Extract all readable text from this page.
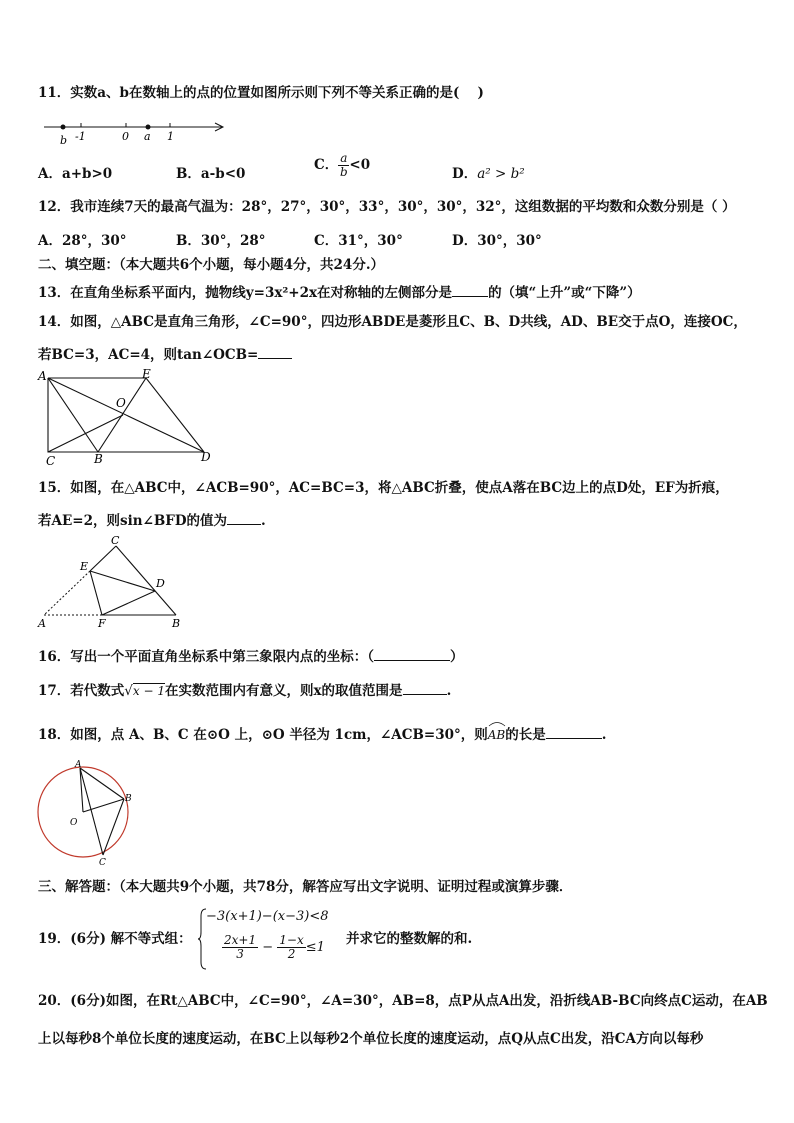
11．实数a、b在数轴上的点的位置如图所示则下列不等关系正确的是(　 )
b -1	0 a 1
A．a+b>0	B．a-b<0
C． $\frac{a}{b} <0$
D．a² > b²
12．我市连续7天的最高气温为：28°，27°，30°，33°，30°，30°，32°，这组数据的平均数和众数分别是（ ）
A．28°，30°	B．30°，28°	C．31°，30°	D．30°，30°
二、填空题：（本大题共6个小题，每小题4分，共24分.）
13．在直角坐标系平面内，抛物线y=3x²+2x在对称轴的左侧部分是	的（填“上升”或“下降”）
14．如图，△ABC是直角三角形，∠C=90°，四边形ABDE是菱形且C、B、D共线，AD、BE交于点O，连接OC，
若BC=3，AC=4，则tan∠OCB=
A	E
O
C	B	D
15．如图，在△ABC中，∠ACB=90°，AC=BC=3，将△ABC折叠，使点A落在BC边上的点D处，EF为折痕，
若AE=2，则sin∠BFD的值为	.
C
E
D
A	F	B
16．写出一个平面直角坐标系中第三象限内点的坐标：（	）
17．若代数式√x − 1在实数范围内有意义，则x的取值范围是	.
18．如图，点 A、B、C 在⊙O 上，⊙O 半径为 1cm，∠ACB=30°，则
AB的长是	.
A
B
O
C
三、解答题：（本大题共9个小题，共78分，解答应写出文字说明、证明过程或演算步骤．
19．(6分) 解不等式组：
−3(x+1)−(x−3)<8
$\frac{2x+1}{3} - \frac{1-x}{2} \le 1$
并求它的整数解的和.
20．(6分)如图，在Rt△ABC中，∠C=90°，∠A=30°，AB=8，点P从点A出发，沿折线AB-BC向终点C运动，在AB
上以每秒8个单位长度的速度运动，在BC上以每秒2个单位长度的速度运动，点Q从点C出发，沿CA方向以每秒
